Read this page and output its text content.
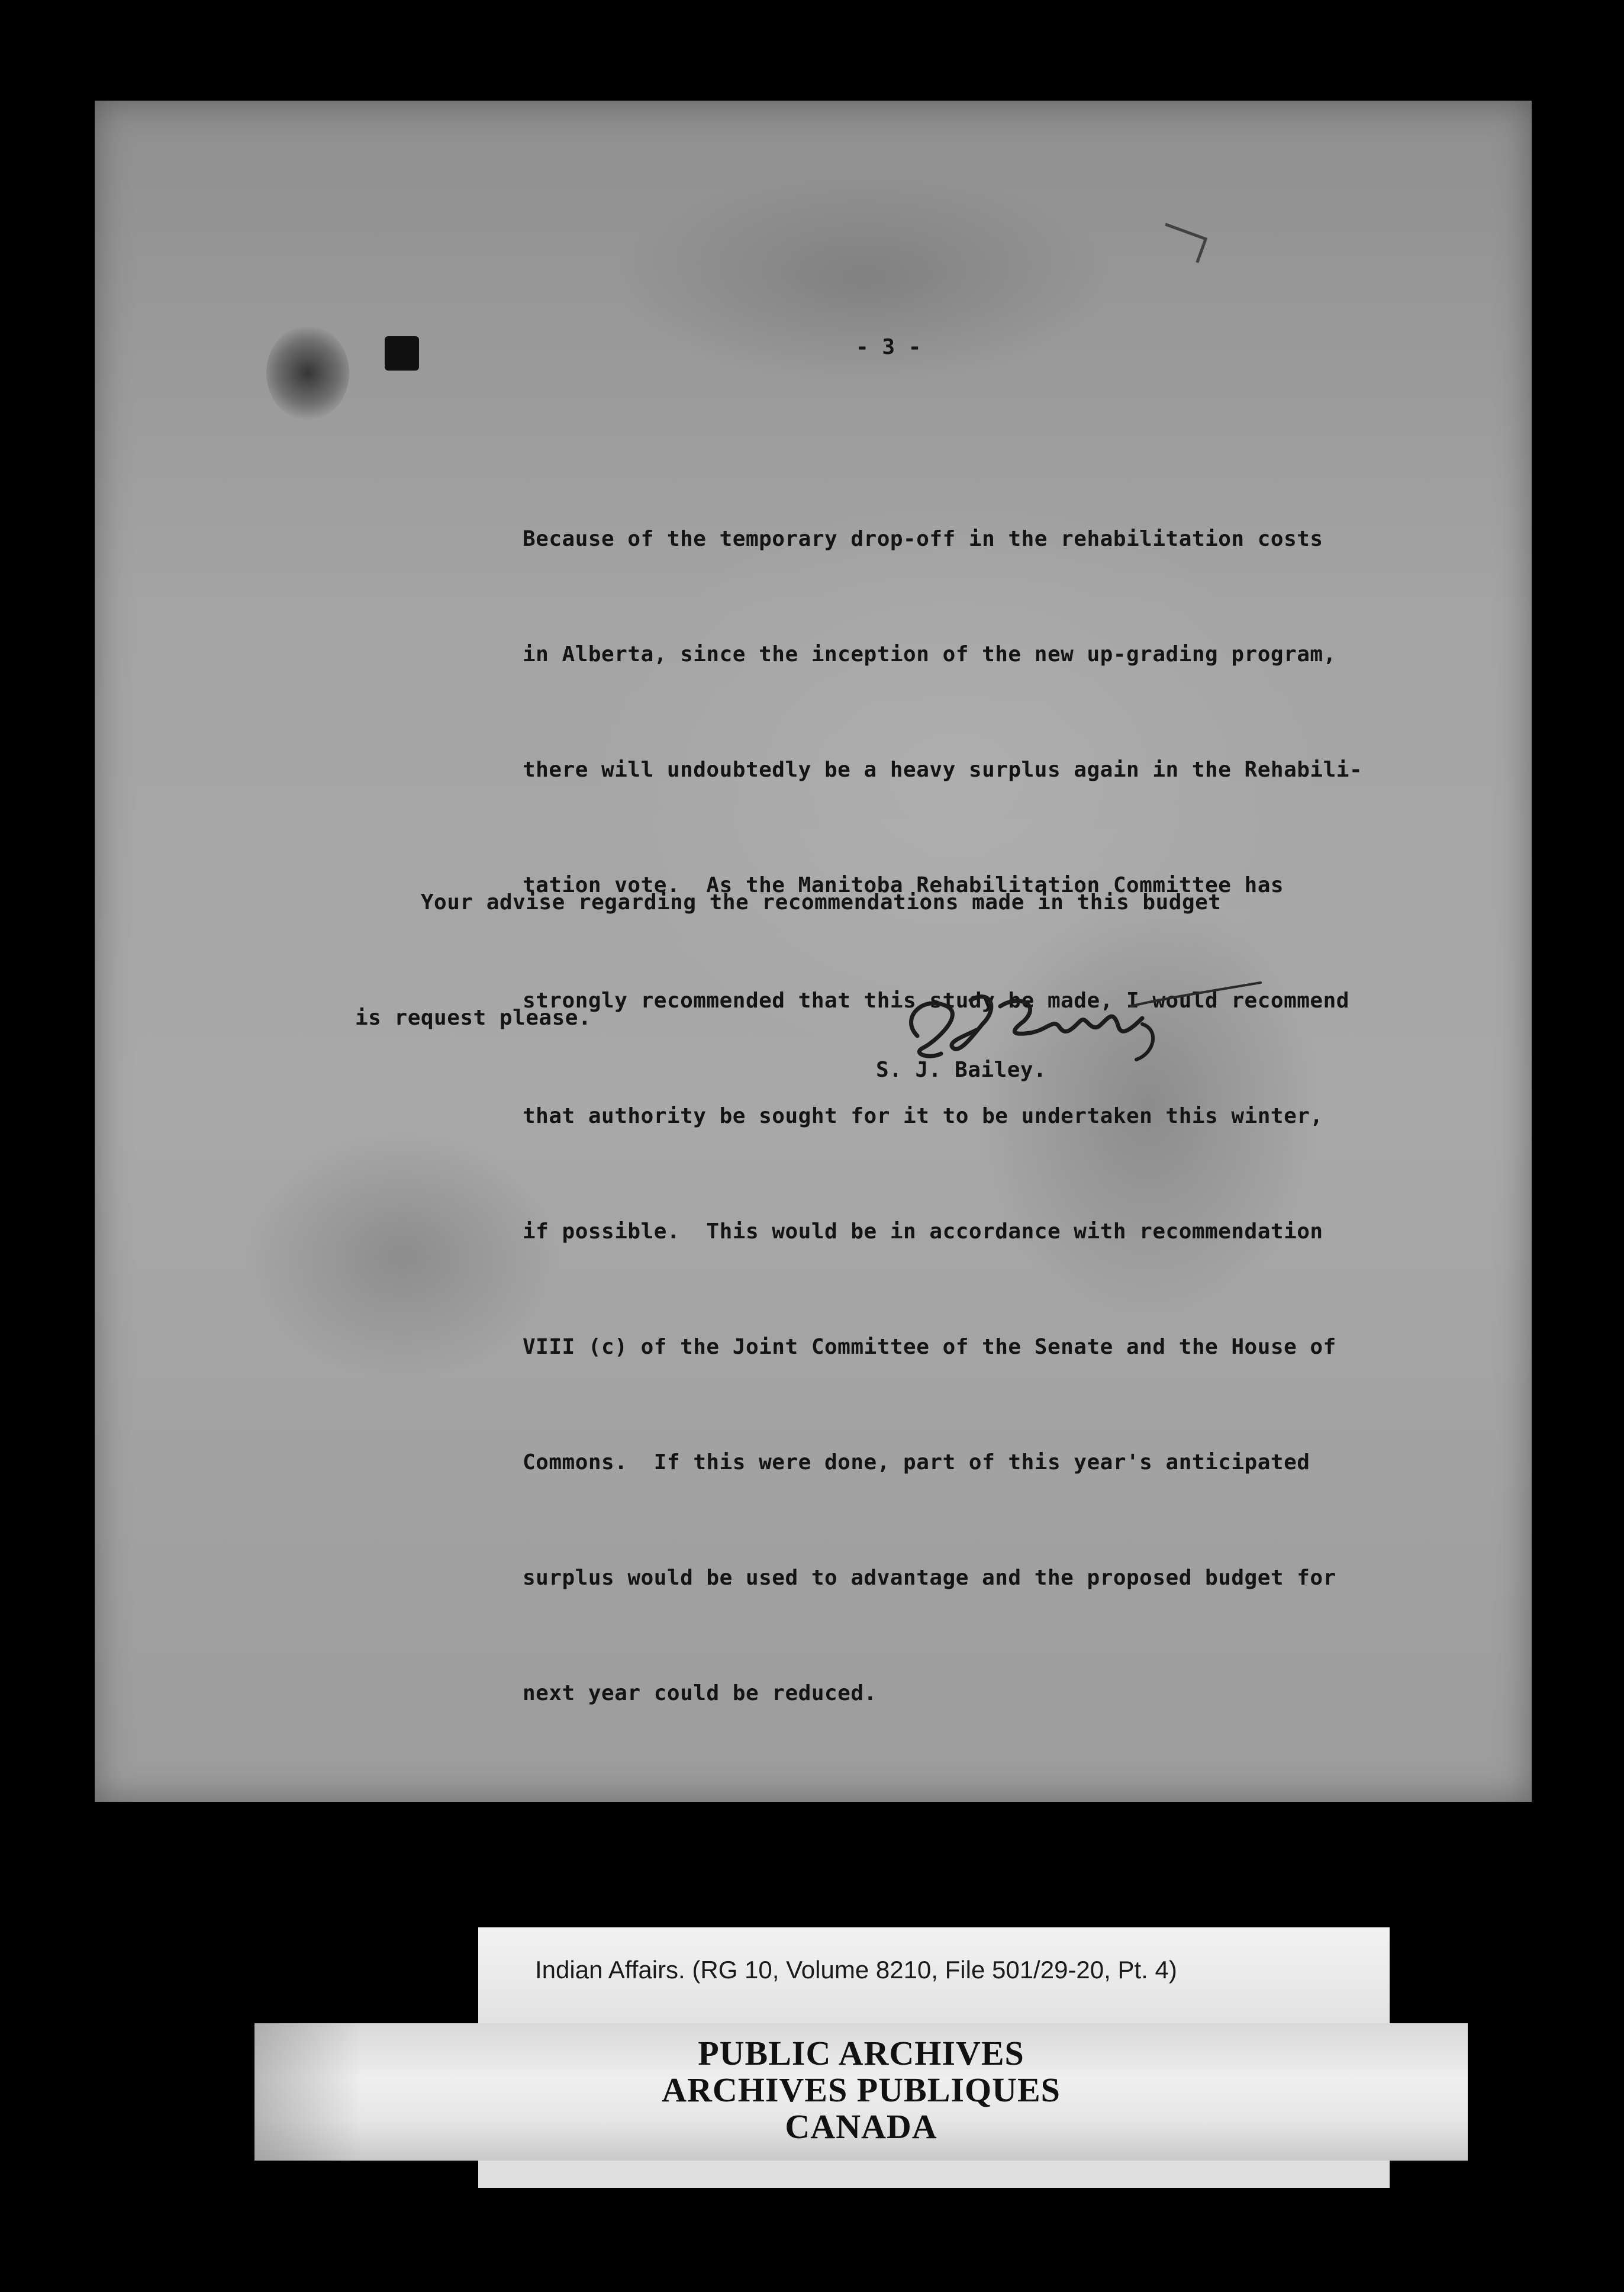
- 3 -

Because of the temporary drop-off in the rehabilitation costs

in Alberta, since the inception of the new up-grading program,

there will undoubtedly be a heavy surplus again in the Rehabili-

tation vote.  As the Manitoba Rehabilitation Committee has

strongly recommended that this study be made, I would recommend

that authority be sought for it to be undertaken this winter,

if possible.  This would be in accordance with recommendation

VIII (c) of the Joint Committee of the Senate and the House of

Commons.  If this were done, part of this year's anticipated

surplus would be used to advantage and the proposed budget for

next year could be reduced.

Your advise regarding the recommendations made in this budget

is request please.

S. J. Bailey.
Indian Affairs. (RG 10, Volume 8210, File 501/29-20, Pt. 4)
PUBLIC ARCHIVES
ARCHIVES PUBLIQUES
CANADA
